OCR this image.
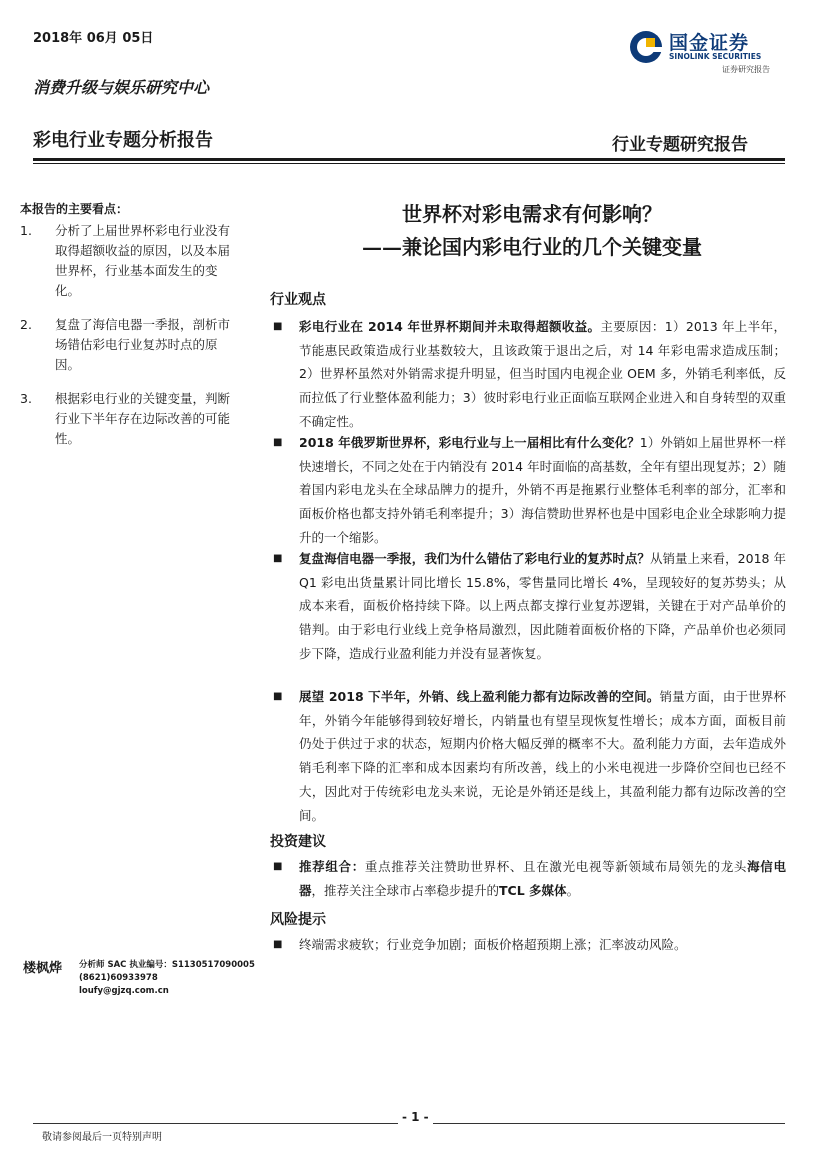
2018年 06月 05日
消费升级与娱乐研究中心
国金证券
SINOLINK SECURITIES
证券研究报告
彩电行业专题分析报告	行业专题研究报告
本报告的主要看点：
1.	分析了上届世界杯彩电行业没有取得超额收益的原因，以及本届世界杯，行业基本面发生的变化。
2.	复盘了海信电器一季报，剖析市场错估彩电行业复苏时点的原因。
3.	根据彩电行业的关键变量，判断行业下半年存在边际改善的可能性。
世界杯对彩电需求有何影响？
——兼论国内彩电行业的几个关键变量
行业观点
■	彩电行业在 2014 年世界杯期间并未取得超额收益。主要原因：1）2013 年上半年，节能惠民政策造成行业基数较大，且该政策于退出之后，对 14 年彩电需求造成压制；2）世界杯虽然对外销需求提升明显，但当时国内电视企业 OEM 多，外销毛利率低，反而拉低了行业整体盈利能力；3）彼时彩电行业正面临互联网企业进入和自身转型的双重不确定性。
■	2018 年俄罗斯世界杯，彩电行业与上一届相比有什么变化？1）外销如上届世界杯一样快速增长，不同之处在于内销没有 2014 年时面临的高基数，全年有望出现复苏；2）随着国内彩电龙头在全球品牌力的提升，外销不再是拖累行业整体毛利率的部分，汇率和面板价格也都支持外销毛利率提升；3）海信赞助世界杯也是中国彩电企业全球影响力提升的一个缩影。
■	复盘海信电器一季报，我们为什么错估了彩电行业的复苏时点？从销量上来看，2018 年 Q1 彩电出货量累计同比增长 15.8%，零售量同比增长 4%，呈现较好的复苏势头；从成本来看，面板价格持续下降。以上两点都支撑行业复苏逻辑，关键在于对产品单价的错判。由于彩电行业线上竞争格局激烈，因此随着面板价格的下降，产品单价也必须同步下降，造成行业盈利能力并没有显著恢复。
■	展望 2018 下半年，外销、线上盈利能力都有边际改善的空间。销量方面，由于世界杯年，外销今年能够得到较好增长，内销量也有望呈现恢复性增长；成本方面，面板目前仍处于供过于求的状态，短期内价格大幅反弹的概率不大。盈利能力方面，去年造成外销毛利率下降的汇率和成本因素均有所改善，线上的小米电视进一步降价空间也已经不大，因此对于传统彩电龙头来说，无论是外销还是线上，其盈利能力都有边际改善的空间。
投资建议
■	推荐组合：重点推荐关注赞助世界杯、且在激光电视等新领域布局领先的龙头海信电器，推荐关注全球市占率稳步提升的TCL 多媒体。
风险提示
■	终端需求疲软；行业竞争加剧；面板价格超预期上涨；汇率波动风险。
楼枫烨 分析师 SAC 执业编号：S1130517090005
(8621)60933978
loufy@gjzq.com.cn
- 1 -
敬请参阅最后一页特别声明
